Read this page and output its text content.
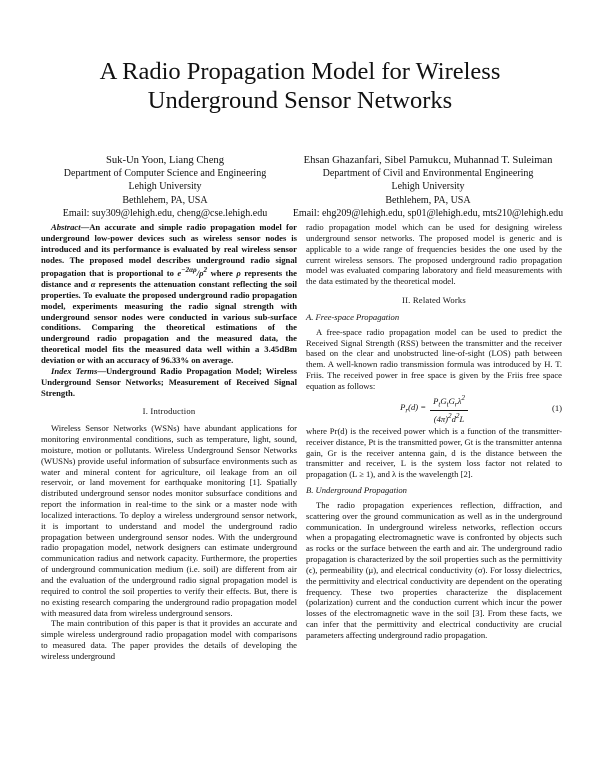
A Radio Propagation Model for Wireless Underground Sensor Networks
Suk-Un Yoon, Liang Cheng
Department of Computer Science and Engineering
Lehigh University
Bethlehem, PA, USA
Email: suy309@lehigh.edu, cheng@cse.lehigh.edu
Ehsan Ghazanfari, Sibel Pamukcu, Muhannad T. Suleiman
Department of Civil and Environmental Engineering
Lehigh University
Bethlehem, PA, USA
Email: ehg209@lehigh.edu, sp01@lehigh.edu, mts210@lehigh.edu

Abstract—An accurate and simple radio propagation model for underground low-power devices such as wireless sensor nodes is introduced and its performance is evaluated by real wireless sensor nodes. The proposed model describes underground radio signal propagation that is proportional to $e^{-2\alpha\rho}/\rho^2$ where ρ represents the distance and α represents the attenuation constant reflecting the soil properties. To evaluate the proposed underground radio propagation model, experiments measuring the radio signal strength with underground sensor nodes were conducted in various sub-surface conditions. Comparing the theoretical estimations of the underground radio propagation and the measured data, the theoretical model fits the measured data well within a 3.45dBm deviation or with an accuracy of 96.33% on average.

Index Terms—Underground Radio Propagation Model; Wireless Underground Sensor Networks; Measurement of Received Signal Strength.

I. Introduction

Wireless Sensor Networks (WSNs) have abundant applications for monitoring environmental conditions, such as temperature, light, sound, moisture, motion or pollutants. Wireless Underground Sensor Networks (WUSNs) provide useful information of subsurface environments such as water and mineral content for agriculture, oil leakage from an oil reservoir, or land movement for earthquake monitoring [1]. Spatially distributed underground sensor nodes monitor subsurface conditions and report the information in real-time to the sink or a master node with localized interactions. To deploy a wireless underground sensor network, it is important to understand and model the underground radio propagation between underground sensor nodes. With the underground radio propagation model, network designers can estimate underground communication radius and network capacity. Furthermore, the properties of underground communication medium (i.e. soil) are different from air and the evaluation of the underground radio signal propagation model is required to control the soil properties to verify their effects. But, there is no existing research comparing the underground radio propagation model with measured data from wireless underground sensors.

The main contribution of this paper is that it provides an accurate and simple wireless underground radio propagation model with comparisons to measured data. The paper provides the details of developing the wireless underground

radio propagation model which can be used for designing wireless underground sensor networks. The proposed model is generic and is applicable to a wide range of frequencies besides the one used by the current wireless sensors. The proposed underground radio propagation model was evaluated comparing laboratory and field measurements with the data estimated by the theoretical model.

II. Related Works
A. Free-space Propagation

A free-space radio propagation model can be used to predict the Received Signal Strength (RSS) between the transmitter and the receiver based on the clear and unobstructed line-of-sight (LOS) path between them. A well-known radio transmission formula was introduced by H. T. Friis. The received power in free space is given by the Friis free space equation as follows:

$P_r(d) = \frac{P_tG_tG_r\lambda^2}{(4\pi)^2d^2L}$	(1)

where Pr(d) is the received power which is a function of the transmitter-receiver distance, Pt is the transmitted power, Gt is the transmitter antenna gain, Gr is the receiver antenna gain, d is the distance between the transmitter and receiver, L is the system loss factor not related to propagation (L ≥ 1), and λ is the wavelength [2].

B. Underground Propagation

The radio propagation experiences reflection, diffraction, and scattering over the ground communication as well as in the underground communication. In underground wireless networks, reflection occurs when a propagating electromagnetic wave is confronted by objects such as rocks or the surface between the earth and air. The underground radio propagation is characterized by the soil properties such as the permittivity (ϵ), permeability (μ), and electrical conductivity (σ). For lossy dielectrics, the permittivity and electrical conductivity are dependent on the operating frequency. These two properties characterize the displacement (polarization) current and the conduction current which incur the power losses of the electromagnetic wave in the soil [3]. From these facts, we can infer that the permittivity and electrical conductivity are crucial parameters affecting underground radio propagation.
